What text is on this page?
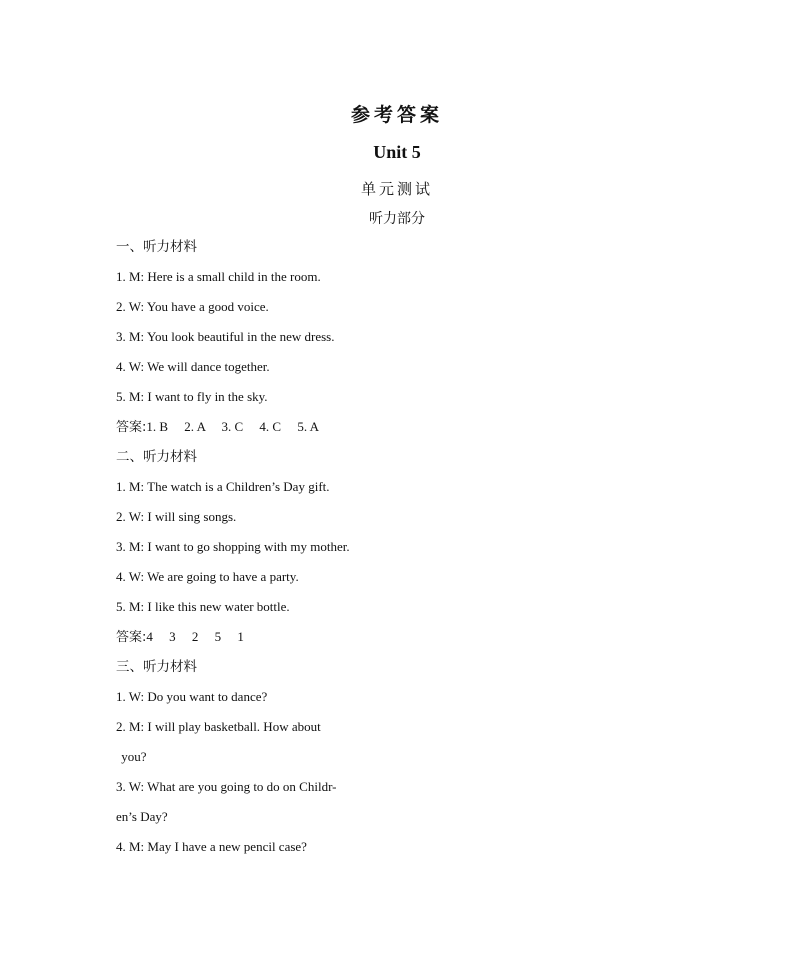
参考答案
Unit 5
单元测试
听力部分
一、听力材料
1. M: Here is a small child in the room.
2. W: You have a good voice.
3. M: You look beautiful in the new dress.
4. W: We will dance together.
5. M: I want to fly in the sky.
答案:1. B     2. A     3. C     4. C     5. A
二、听力材料
1. M: The watch is a Children’s Day gift.
2. W: I will sing songs.
3. M: I want to go shopping with my mother.
4. W: We are going to have a party.
5. M: I like this new water bottle.
答案:4     3     2     5     1
三、听力材料
1. W: Do you want to dance?
2. M: I will play basketball. How about
you?
3. W: What are you going to do on Childr-
en’s Day?
4. M: May I have a new pencil case?
